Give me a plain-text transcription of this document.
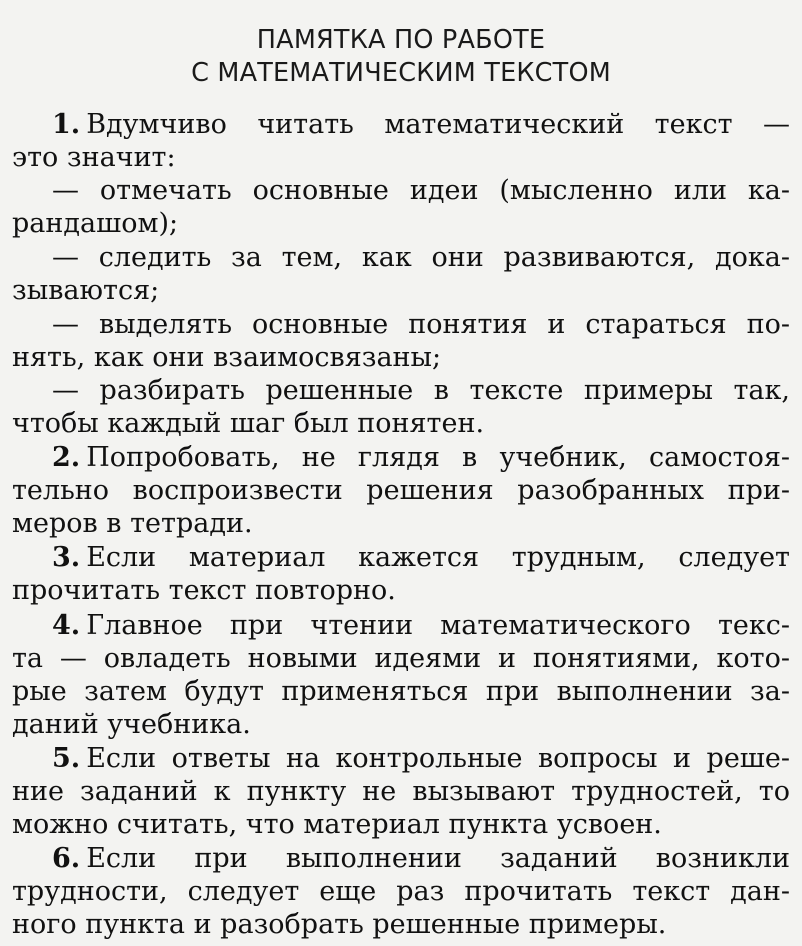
ПАМЯТКА ПО РАБОТЕ
С МАТЕМАТИЧЕСКИМ ТЕКСТОМ
1. Вдумчиво читать математический текст —
это значит:
— отмечать основные идеи (мысленно или ка-
рандашом);
— следить за тем, как они развиваются, дока-
зываются;
— выделять основные понятия и стараться по-
нять, как они взаимосвязаны;
— разбирать решенные в тексте примеры так,
чтобы каждый шаг был понятен.
2. Попробовать, не глядя в учебник, самостоя-
тельно воспроизвести решения разобранных при-
меров в тетради.
3. Если материал кажется трудным, следует
прочитать текст повторно.
4. Главное при чтении математического текс-
та — овладеть новыми идеями и понятиями, кото-
рые затем будут применяться при выполнении за-
даний учебника.
5. Если ответы на контрольные вопросы и реше-
ние заданий к пункту не вызывают трудностей, то
можно считать, что материал пункта усвоен.
6. Если при выполнении заданий возникли
трудности, следует еще раз прочитать текст дан-
ного пункта и разобрать решенные примеры.
